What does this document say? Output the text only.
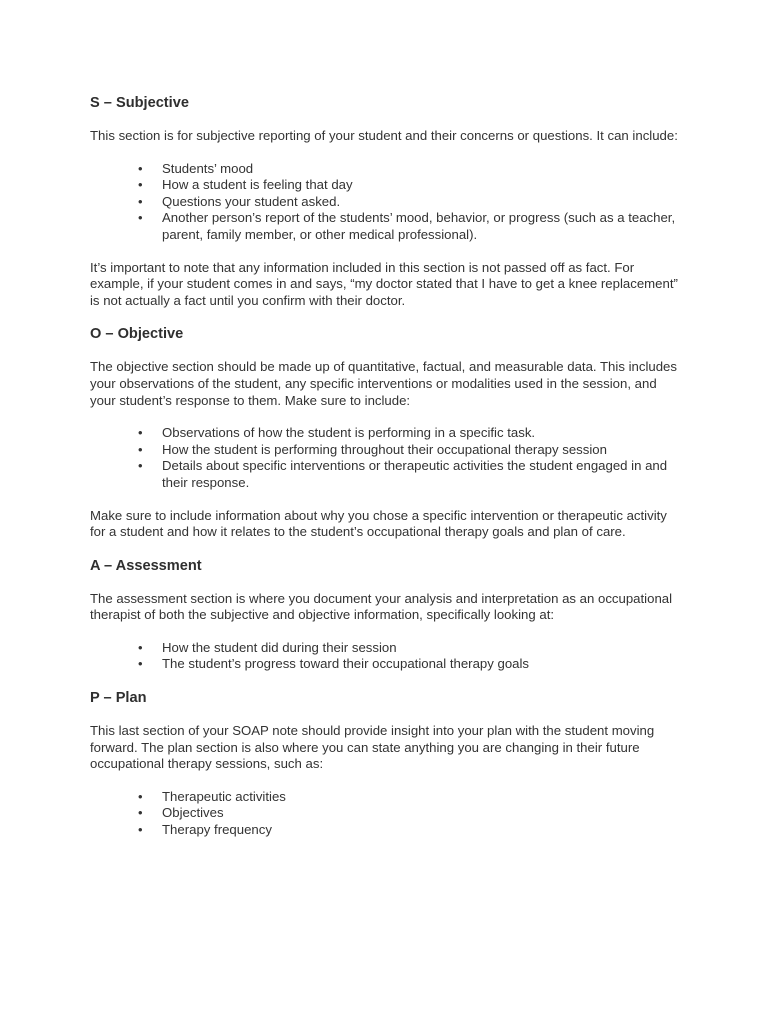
S – Subjective

This section is for subjective reporting of your student and their concerns or questions. It can include:

• Students’ mood
• How a student is feeling that day
• Questions your student asked.
• Another person’s report of the students’ mood, behavior, or progress (such as a teacher, parent, family member, or other medical professional).

It’s important to note that any information included in this section is not passed off as fact. For example, if your student comes in and says, “my doctor stated that I have to get a knee replacement” is not actually a fact until you confirm with their doctor.

O – Objective

The objective section should be made up of quantitative, factual, and measurable data. This includes your observations of the student, any specific interventions or modalities used in the session, and your student’s response to them. Make sure to include:

• Observations of how the student is performing in a specific task.
• How the student is performing throughout their occupational therapy session
• Details about specific interventions or therapeutic activities the student engaged in and their response.

Make sure to include information about why you chose a specific intervention or therapeutic activity for a student and how it relates to the student’s occupational therapy goals and plan of care.

A – Assessment

The assessment section is where you document your analysis and interpretation as an occupational therapist of both the subjective and objective information, specifically looking at:

• How the student did during their session
• The student’s progress toward their occupational therapy goals
P – Plan

This last section of your SOAP note should provide insight into your plan with the student moving forward. The plan section is also where you can state anything you are changing in their future occupational therapy sessions, such as:

• Therapeutic activities
• Objectives
• Therapy frequency
